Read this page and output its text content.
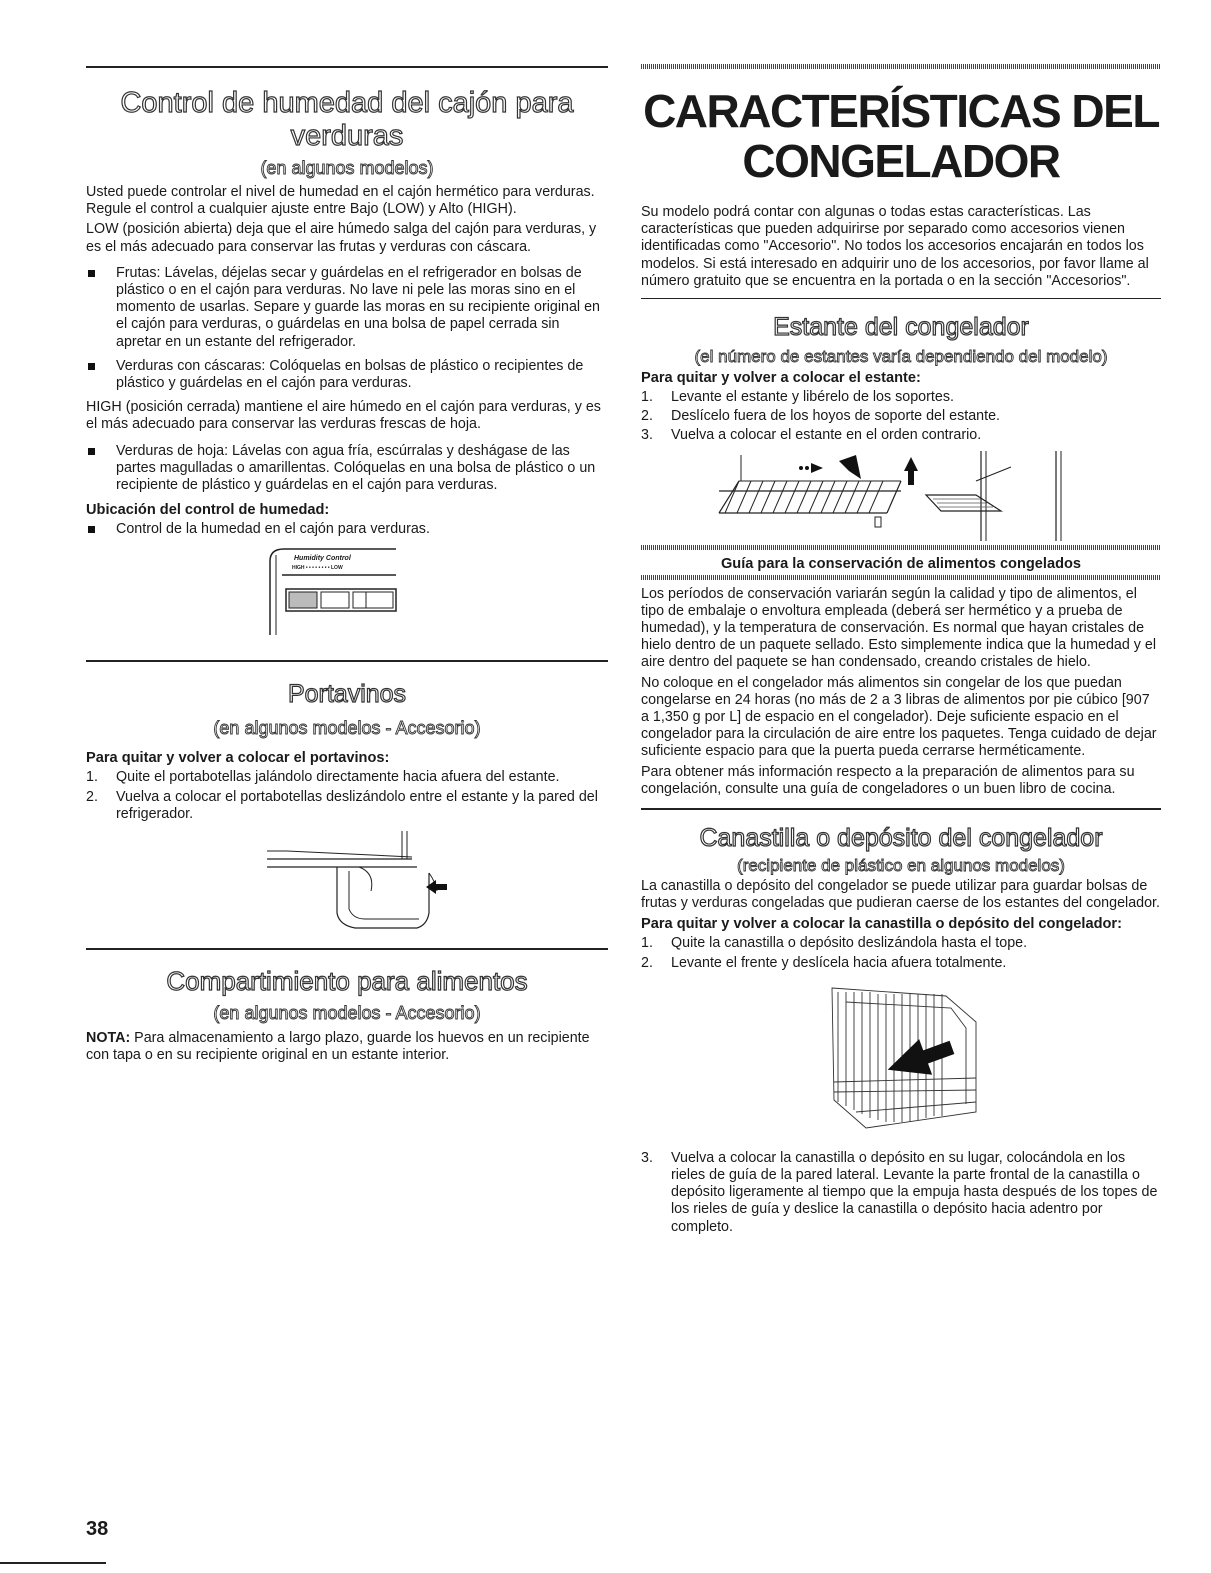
Control de humedad del cajón para verduras
(en algunos modelos)

Usted puede controlar el nivel de humedad en el cajón hermético para verduras. Regule el control a cualquier ajuste entre Bajo (LOW) y Alto (HIGH).

LOW (posición abierta) deja que el aire húmedo salga del cajón para verduras, y es el más adecuado para conservar las frutas y verduras con cáscara.

Frutas: Lávelas, déjelas secar y guárdelas en el refrigerador en bolsas de plástico o en el cajón para verduras. No lave ni pele las moras sino en el momento de usarlas. Separe y guarde las moras en su recipiente original en el cajón para verduras, o guárdelas en una bolsa de papel cerrada sin apretar en un estante del refrigerador.
Verduras con cáscaras: Colóquelas en bolsas de plástico o recipientes de plástico y guárdelas en el cajón para verduras.

HIGH (posición cerrada) mantiene el aire húmedo en el cajón para verduras, y es el más adecuado para conservar las verduras frescas de hoja.

Verduras de hoja: Lávelas con agua fría, escúrralas y deshágase de las partes magulladas o amarillentas. Colóquelas en una bolsa de plástico o un recipiente de plástico y guárdelas en el cajón para verduras.
Ubicación del control de humedad:
Control de la humedad en el cajón para verduras.
Humidity Control
HIGH • • • • • • • • LOW
Portavinos
(en algunos modelos - Accesorio)
Para quitar y volver a colocar el portavinos:
1. Quite el portabotellas jalándolo directamente hacia afuera del estante.
2. Vuelva a colocar el portabotellas deslizándolo entre el estante y la pared del refrigerador.
Compartimiento para alimentos
(en algunos modelos - Accesorio)

NOTA: Para almacenamiento a largo plazo, guarde los huevos en un recipiente con tapa o en su recipiente original en un estante interior.

38
CARACTERÍSTICAS DEL
CONGELADOR

Su modelo podrá contar con algunas o todas estas características. Las características que pueden adquirirse por separado como accesorios vienen identificadas como "Accesorio". No todos los accesorios encajarán en todos los modelos. Si está interesado en adquirir uno de los accesorios, por favor llame al número gratuito que se encuentra en la portada o en la sección "Accesorios".

Estante del congelador
(el número de estantes varía dependiendo del modelo)
Para quitar y volver a colocar el estante:
1. Levante el estante y libérelo de los soportes.
2. Deslícelo fuera de los hoyos de soporte del estante.
3. Vuelva a colocar el estante en el orden contrario.
Guía para la conservación de alimentos congelados

Los períodos de conservación variarán según la calidad y tipo de alimentos, el tipo de embalaje o envoltura empleada (deberá ser hermético y a prueba de humedad), y la temperatura de conservación. Es normal que hayan cristales de hielo dentro de un paquete sellado. Esto simplemente indica que la humedad y el aire dentro del paquete se han condensado, creando cristales de hielo.

No coloque en el congelador más alimentos sin congelar de los que puedan congelarse en 24 horas (no más de 2 a 3 libras de alimentos por pie cúbico [907 a 1,350 g por L] de espacio en el congelador). Deje suficiente espacio en el congelador para la circulación de aire entre los paquetes. Tenga cuidado de dejar suficiente espacio para que la puerta pueda cerrarse herméticamente.

Para obtener más información respecto a la preparación de alimentos para su congelación, consulte una guía de congeladores o un buen libro de cocina.

Canastilla o depósito del congelador
(recipiente de plástico en algunos modelos)

La canastilla o depósito del congelador se puede utilizar para guardar bolsas de frutas y verduras congeladas que pudieran caerse de los estantes del congelador.

Para quitar y volver a colocar la canastilla o depósito del congelador:
1. Quite la canastilla o depósito deslizándola hasta el tope.
2. Levante el frente y deslícela hacia afuera totalmente.
3. Vuelva a colocar la canastilla o depósito en su lugar, colocándola en los rieles de guía de la pared lateral. Levante la parte frontal de la canastilla o depósito ligeramente al tiempo que la empuja hasta después de los topes de los rieles de guía y deslice la canastilla o depósito hacia adentro por completo.
